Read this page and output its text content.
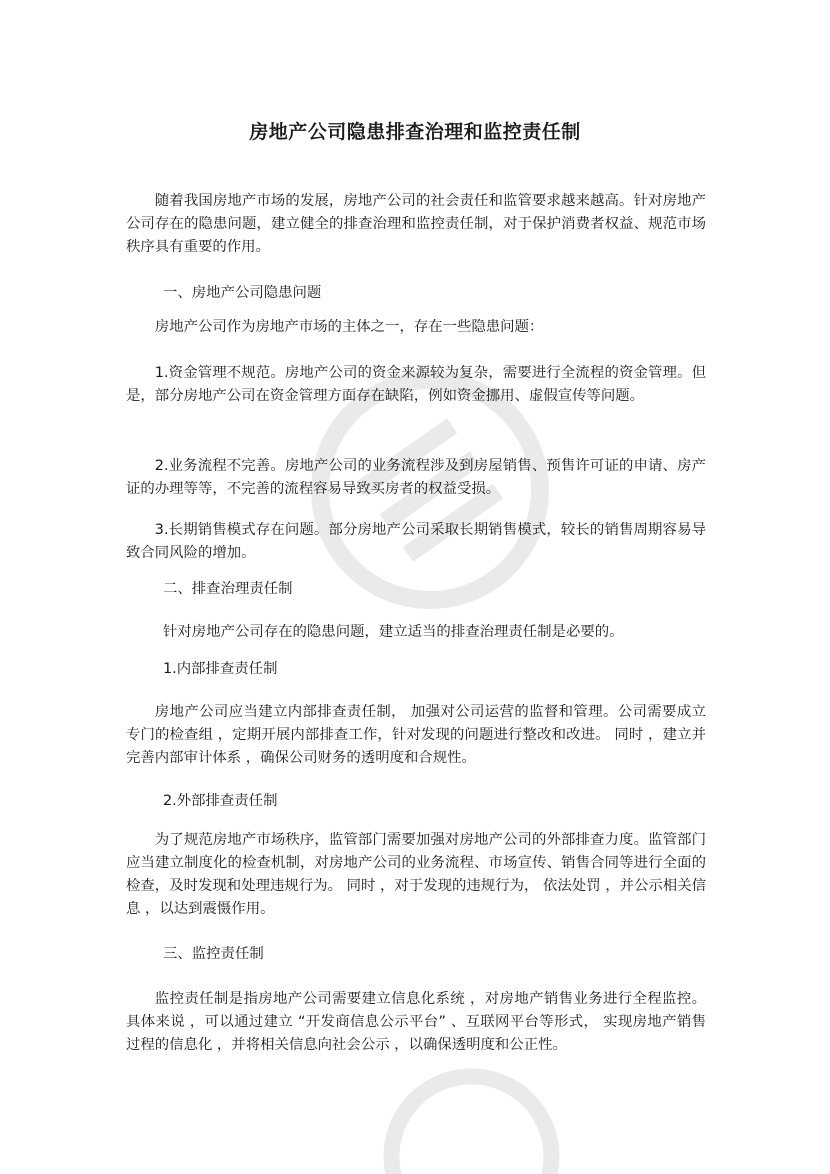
房地产公司隐患排查治理和监控责任制

随着我国房地产市场的发展，房地产公司的社会责任和监管要求越来越高。针对房地产公司存在的隐患问题，建立健全的排查治理和监控责任制，对于保护消费者权益、规范市场秩序具有重要的作用。

一、房地产公司隐患问题

房地产公司作为房地产市场的主体之一，存在一些隐患问题：

1.资金管理不规范。房地产公司的资金来源较为复杂，需要进行全流程的资金管理。但是，部分房地产公司在资金管理方面存在缺陷，例如资金挪用、虚假宣传等问题。

2.业务流程不完善。房地产公司的业务流程涉及到房屋销售、预售许可证的申请、房产证的办理等等，不完善的流程容易导致买房者的权益受损。

3.长期销售模式存在问题。部分房地产公司采取长期销售模式，较长的销售周期容易导致合同风险的增加。

二、排查治理责任制

针对房地产公司存在的隐患问题，建立适当的排查治理责任制是必要的。

1.内部排查责任制

房地产公司应当建立内部排查责任制， 加强对公司运营的监督和管理。公司需要成立专门的检查组 ，定期开展内部排查工作，针对发现的问题进行整改和改进。 同时 ，建立并完善内部审计体系 ，确保公司财务的透明度和合规性。

2.外部排查责任制

为了规范房地产市场秩序，监管部门需要加强对房地产公司的外部排查力度。监管部门应当建立制度化的检查机制，对房地产公司的业务流程、市场宣传、销售合同等进行全面的检查，及时发现和处理违规行为。 同时 ，对于发现的违规行为， 依法处罚 ，并公示相关信息 ，以达到震慑作用。

三、监控责任制

监控责任制是指房地产公司需要建立信息化系统 ，对房地产销售业务进行全程监控。具体来说 ，可以通过建立 “开发商信息公示平台” 、互联网平台等形式， 实现房地产销售过程的信息化 ，并将相关信息向社会公示 ，以确保透明度和公正性。
